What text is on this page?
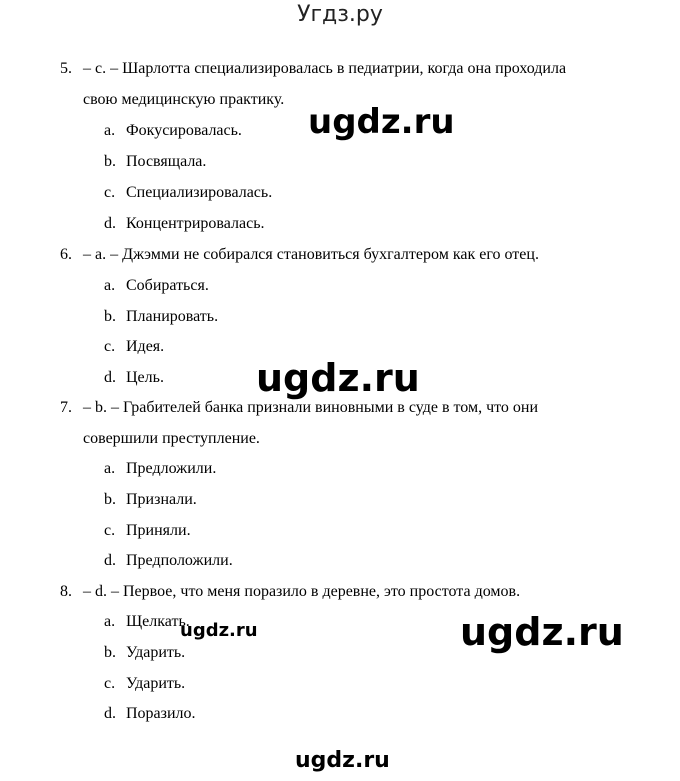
Угдз.ру
5. – c. – Шарлотта специализировалась в педиатрии, когда она проходила
свою медицинскую практику.
a. Фокусировалась.
b. Посвящала.
c. Специализировалась.
d. Концентрировалась.
6. – a. – Джэмми не собирался становиться бухгалтером как его отец.
a. Собираться.
b. Планировать.
c. Идея.
d. Цель.
7. – b. – Грабителей банка признали виновными в суде в том, что они
совершили преступление.
a. Предложили.
b. Признали.
c. Приняли.
d. Предположили.
8. – d. – Первое, что меня поразило в деревне, это простота домов.
a. Щелкать.
b. Ударить.
c. Ударить.
d. Поразило.
ugdz.ru
ugdz.ru
ugdz.ru	ugdz.ru
ugdz.ru
